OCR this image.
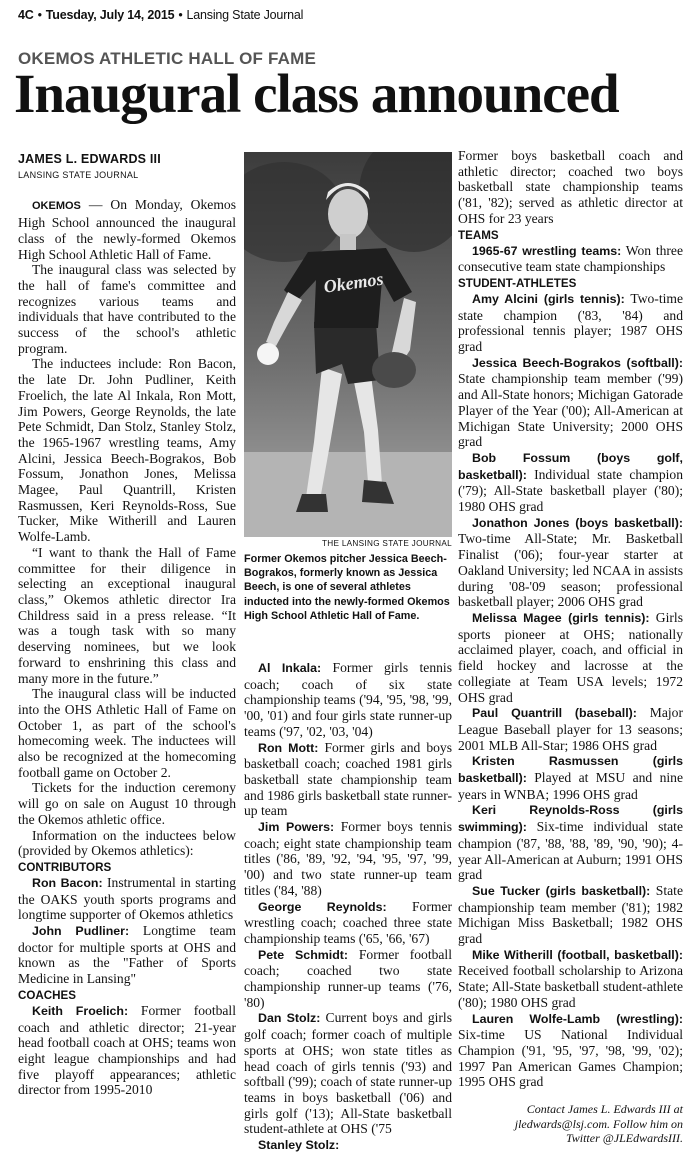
4C • Tuesday, July 14, 2015 • Lansing State Journal
OKEMOS ATHLETIC HALL OF FAME
Inaugural class announced
JAMES L. EDWARDS III
LANSING STATE JOURNAL

OKEMOS — On Monday, Okemos High School announced the inaugural class of the newly-formed Okemos High School Athletic Hall of Fame.

The inaugural class was selected by the hall of fame's committee and recognizes various teams and individuals that have contributed to the success of the school's athletic program.

The inductees include: Ron Bacon, the late Dr. John Pudliner, Keith Froelich, the late Al Inkala, Ron Mott, Jim Powers, George Reynolds, the late Pete Schmidt, Dan Stolz, Stanley Stolz, the 1965-1967 wrestling teams, Amy Alcini, Jessica Beech-Bograkos, Bob Fossum, Jonathon Jones, Melissa Magee, Paul Quantrill, Kristen Rasmussen, Keri Reynolds-Ross, Sue Tucker, Mike Witherill and Lauren Wolfe-Lamb.

“I want to thank the Hall of Fame committee for their diligence in selecting an exceptional inaugural class,” Okemos athletic director Ira Childress said in a press release. “It was a tough task with so many deserving nominees, but we look forward to enshrining this class and many more in the future.”

The inaugural class will be inducted into the OHS Athletic Hall of Fame on October 1, as part of the school's homecoming week. The inductees will also be recognized at the homecoming football game on October 2.

Tickets for the induction ceremony will go on sale on August 10 through the Okemos athletic office.

Information on the inductees below (provided by Okemos athletics):

CONTRIBUTORS

Ron Bacon: Instrumental in starting the OAKS youth sports programs and longtime supporter of Okemos athletics

John Pudliner: Longtime team doctor for multiple sports at OHS and known as the "Father of Sports Medicine in Lansing"

COACHES

Keith Froelich: Former football coach and athletic director; 21-year head football coach at OHS; teams won eight league championships and had five playoff appearances; athletic director from 1995-2010

Okemos
THE LANSING STATE JOURNAL
Former Okemos pitcher Jessica Beech-Bograkos, formerly known as Jessica Beech, is one of several athletes inducted into the newly-formed Okemos High School Athletic Hall of Fame.

Al Inkala: Former girls tennis coach; coach of six state championship teams ('94, '95, '98, '99, '00, '01) and four girls state runner-up teams ('97, '02, '03, '04)

Ron Mott: Former girls and boys basketball coach; coached 1981 girls basketball state championship team and 1986 girls basketball state runner-up team

Jim Powers: Former boys tennis coach; eight state championship team titles ('86, '89, '92, '94, '95, '97, '99, '00) and two state runner-up team titles ('84, '88)

George Reynolds: Former wrestling coach; coached three state championship teams ('65, '66, '67)

Pete Schmidt: Former football coach; coached two state championship runner-up teams ('76, '80)

Dan Stolz: Current boys and girls golf coach; former coach of multiple sports at OHS; won state titles as head coach of girls tennis ('93) and softball ('99); coach of state runner-up teams in boys basketball ('06) and girls golf ('13); All-State basketball student-athlete at OHS ('75

Stanley Stolz:

Former boys basketball coach and athletic director; coached two boys basketball state championship teams ('81, '82); served as athletic director at OHS for 23 years

TEAMS

1965-67 wrestling teams: Won three consecutive team state championships

STUDENT-ATHLETES

Amy Alcini (girls tennis): Two-time state champion ('83, '84) and professional tennis player; 1987 OHS grad

Jessica Beech-Bograkos (softball): State championship team member ('99) and All-State honors; Michigan Gatorade Player of the Year ('00); All-American at Michigan State University; 2000 OHS grad

Bob Fossum (boys golf, basketball): Individual state champion ('79); All-State basketball player ('80); 1980 OHS grad

Jonathon Jones (boys basketball): Two-time All-State; Mr. Basketball Finalist ('06); four-year starter at Oakland University; led NCAA in assists during '08-'09 season; professional basketball player; 2006 OHS grad

Melissa Magee (girls tennis): Girls sports pioneer at OHS; nationally acclaimed player, coach, and official in field hockey and lacrosse at the collegiate at Team USA levels; 1972 OHS grad

Paul Quantrill (baseball): Major League Baseball player for 13 seasons; 2001 MLB All-Star; 1986 OHS grad

Kristen Rasmussen (girls basketball): Played at MSU and nine years in WNBA; 1996 OHS grad

Keri Reynolds-Ross (girls swimming): Six-time individual state champion ('87, '88, '88, '89, '90, '90); 4-year All-American at Auburn; 1991 OHS grad

Sue Tucker (girls basketball): State championship team member ('81); 1982 Michigan Miss Basketball; 1982 OHS grad

Mike Witherill (football, basketball): Received football scholarship to Arizona State; All-State basketball student-athlete ('80); 1980 OHS grad

Lauren Wolfe-Lamb (wrestling): Six-time US National Individual Champion ('91, '95, '97, '98, '99, '02); 1997 Pan American Games Champion; 1995 OHS grad

Contact James L. Edwards III at
jledwards@lsj.com. Follow him on
Twitter @JLEdwardsIII.
